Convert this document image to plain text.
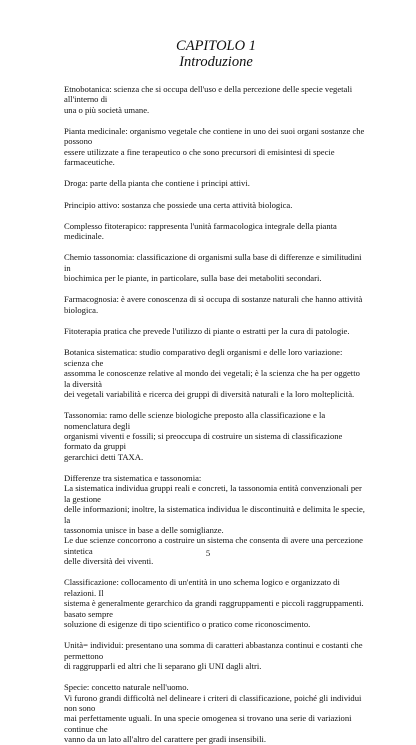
CAPITOLO 1
Introduzione
Etnobotanica: scienza che si occupa dell'uso e della percezione delle specie vegetali all'interno di
una o più società umane.
Pianta medicinale: organismo vegetale che contiene in uno dei suoi organi sostanze che possono
essere utilizzate a fine terapeutico o che sono precursori di emisintesi di specie farmaceutiche.
Droga: parte della pianta che contiene i principi attivi.
Principio attivo: sostanza che possiede una certa attività biologica.
Complesso fitoterapico: rappresenta l'unità farmacologica integrale della pianta medicinale.
Chemio tassonomia: classificazione di organismi sulla base di differenze e similitudini in
biochimica per le piante, in particolare, sulla base dei metaboliti secondari.
Farmacognosia: è avere conoscenza di sì occupa di sostanze naturali che hanno attività biologica.
Fitoterapia pratica che prevede l'utilizzo di piante o estratti per la cura di patologie.
Botanica sistematica: studio comparativo degli organismi e delle loro variazione: scienza che
assomma le conoscenze relative al mondo dei vegetali; è la scienza che ha per oggetto la diversità
dei vegetali variabilità e ricerca dei gruppi di diversità naturali e la loro molteplicità.
Tassonomia: ramo delle scienze biologiche preposto alla classificazione e la nomenclatura degli
organismi viventi e fossili; si preoccupa di costruire un sistema di classificazione formato da gruppi
gerarchici detti TAXA.
Differenze tra sistematica e tassonomia:
La sistematica individua gruppi reali e concreti, la tassonomia entità convenzionali per la gestione
delle informazioni; inoltre, la sistematica individua le discontinuità e delimita le specie, la
tassonomia unisce in base a delle somiglianze.
Le due scienze concorrono a costruire un sistema che consenta di avere una percezione sintetica
delle diversità dei viventi.
Classificazione: collocamento di un'entità in uno schema logico e organizzato di relazioni. Il
sistema è generalmente gerarchico da grandi raggruppamenti e piccoli raggruppamenti. basato sempre
soluzione di esigenze di tipo scientifico o pratico come riconoscimento.
Unità= individui: presentano una somma di caratteri abbastanza continui e costanti che permettono
di raggrupparli ed altri che li separano gli UNI dagli altri.
Specie: concetto naturale nell'uomo.
Vi furono grandi difficoltà nel delineare i criteri di classificazione, poiché gli individui non sono
mai perfettamente uguali. In una specie omogenea si trovano una serie di variazioni continue che
vanno da un lato all'altro del carattere per gradi insensibili.
5
